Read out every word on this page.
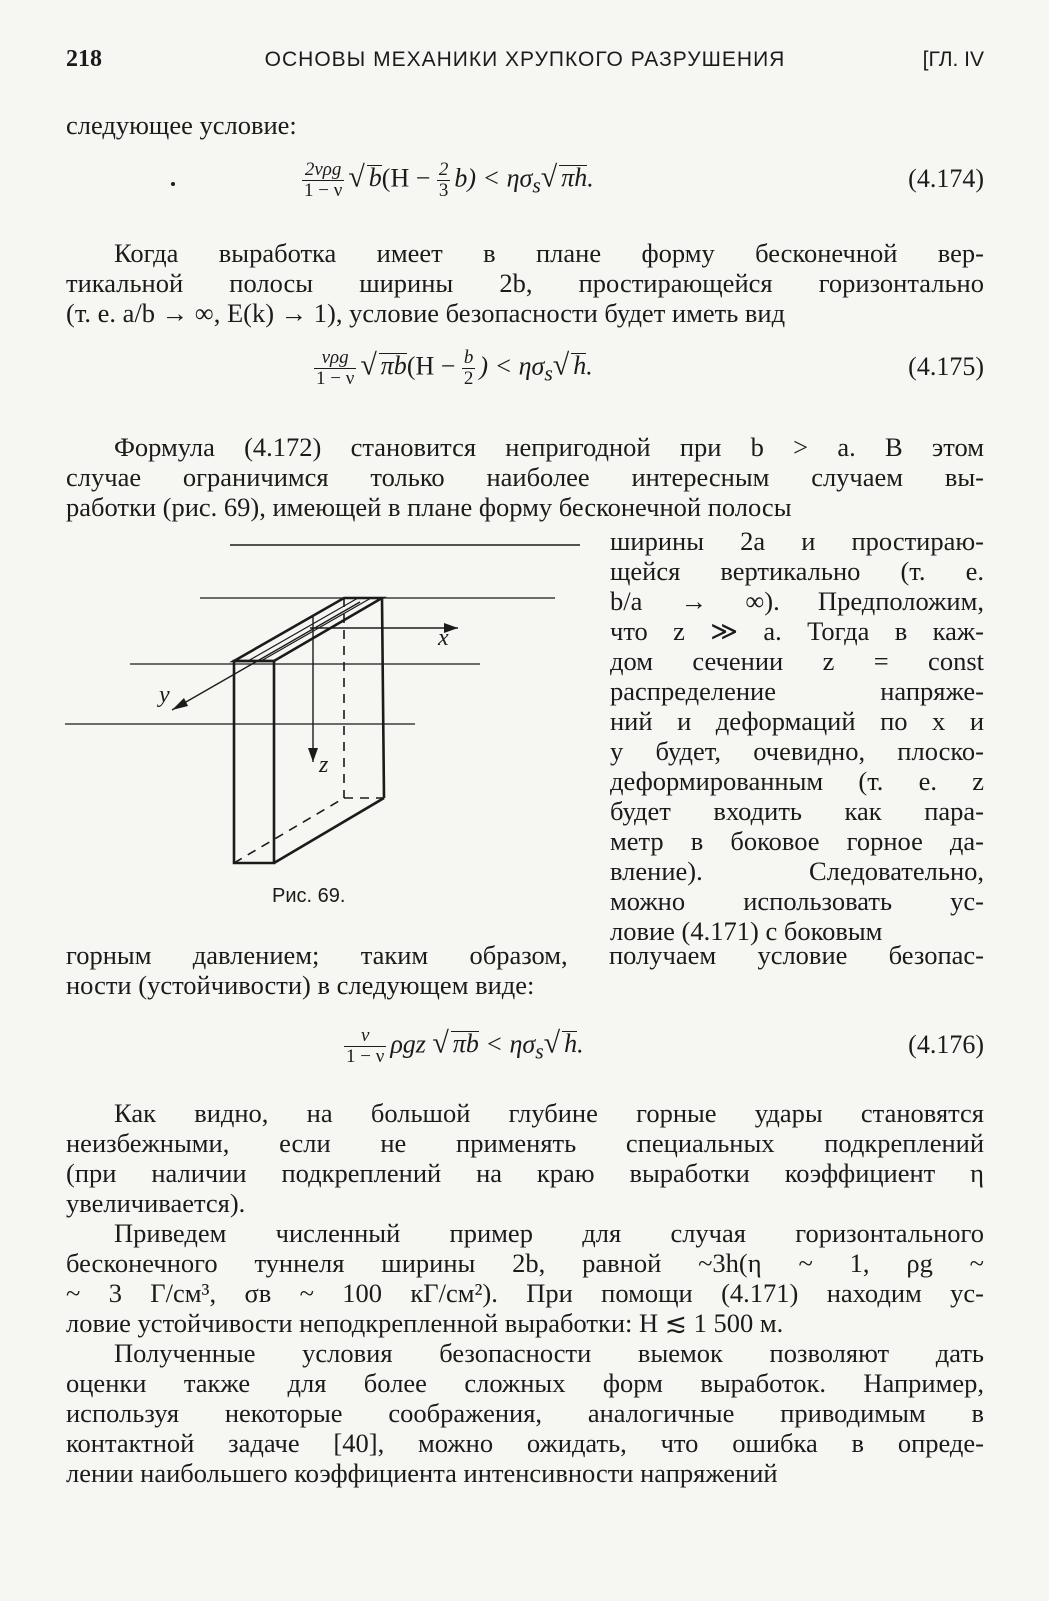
218	ОСНОВЫ МЕХАНИКИ ХРУПКОГО РАЗРУШЕНИЯ	[ГЛ. IV
следующее условие:
$\frac{\text{2νρg}}{1 - \nu}$ √ $b(H - \frac{2}{3} b) < \eta\sigma_s√$ πh.	(4.174)
Когда выработка имеет в плане форму бесконечной вер-
тикальной полосы ширины 2b, простирающейся горизонтально
(т. е. a/b → ∞, E(k) → 1), условие безопасности будет иметь вид
$\frac{\text{νρg}}{1 - \nu}$ √ $\pi b(H - \frac{b}{2}$ ) < $\eta\sigma_s√$ h.	(4.175)
Формула (4.172) становится непригодной при b > a. В этом
случае ограничимся только наиболее интересным случаем вы-
работки (рис. 69), имеющей в плане форму бесконечной полосы
x
y
z
Рис. 69.
ширины 2a и простираю-
щейся вертикально (т. е.
b/a → ∞). Предположим,
что z ≫ a. Тогда в каж-
дом сечении z = const
распределение напряже-
ний и деформаций по x и
y будет, очевидно, плоско-
деформированным (т. е. z
будет входить как пара-
метр в боковое горное да-
вление). Следовательно,
можно использовать ус-
ловие (4.171) с боковым
горным давлением; таким образом, получаем условие безопас-
ности (устойчивости) в следующем виде:
$\frac{\nu}{1 - \nu}$ ρgz √ $\pi b < \eta\sigma_s√$ h.	(4.176)
Как видно, на большой глубине горные удары становятся
неизбежными, если не применять специальных подкреплений
(при наличии подкреплений на краю выработки коэффициент η
увеличивается).
Приведем численный пример для случая горизонтального
бесконечного туннеля ширины 2b, равной ~3h(η ~ 1, ρg ~
~ 3 Г/см³, σв ~ 100 кГ/см²). При помощи (4.171) находим ус-
ловие устойчивости неподкрепленной выработки: H ≲ 1 500 м.
Полученные условия безопасности выемок позволяют дать
оценки также для более сложных форм выработок. Например,
используя некоторые соображения, аналогичные приводимым в
контактной задаче [40], можно ожидать, что ошибка в опреде-
лении наибольшего коэффициента интенсивности напряжений
